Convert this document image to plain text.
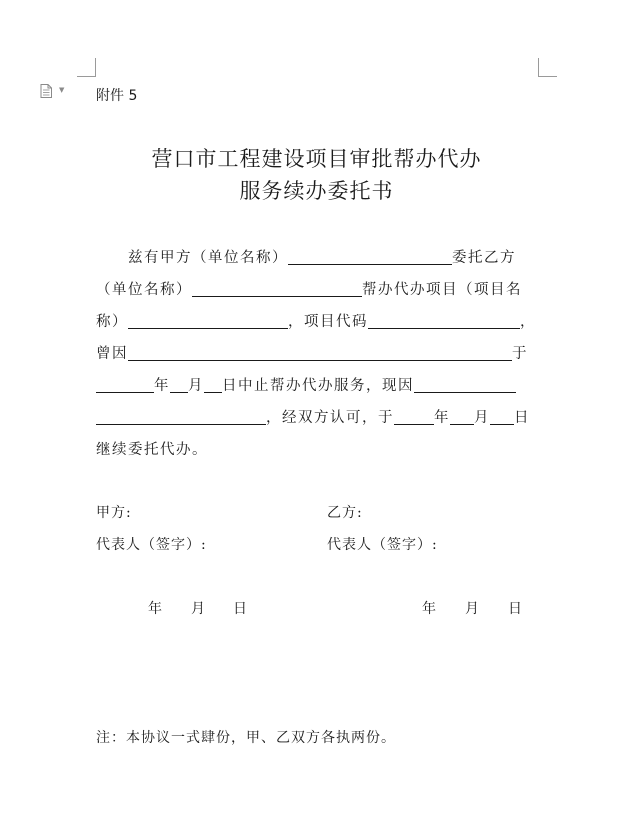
▼ 附件 5
营口市工程建设项目审批帮办代办
服务续办委托书
兹有甲方（单位名称）	委托乙方
（单位名称）	帮办代办项目（项目名
称）	，项目代码	，
曾因	于
年 月 日中止帮办代办服务，现因
，经双方认可，于	年 月 日
继续委托代办。
甲方:	乙方:
代表人（签字）:	代表人（签字）:
年 月 日	年 月 日
注：本协议一式肆份，甲、乙双方各执两份。
